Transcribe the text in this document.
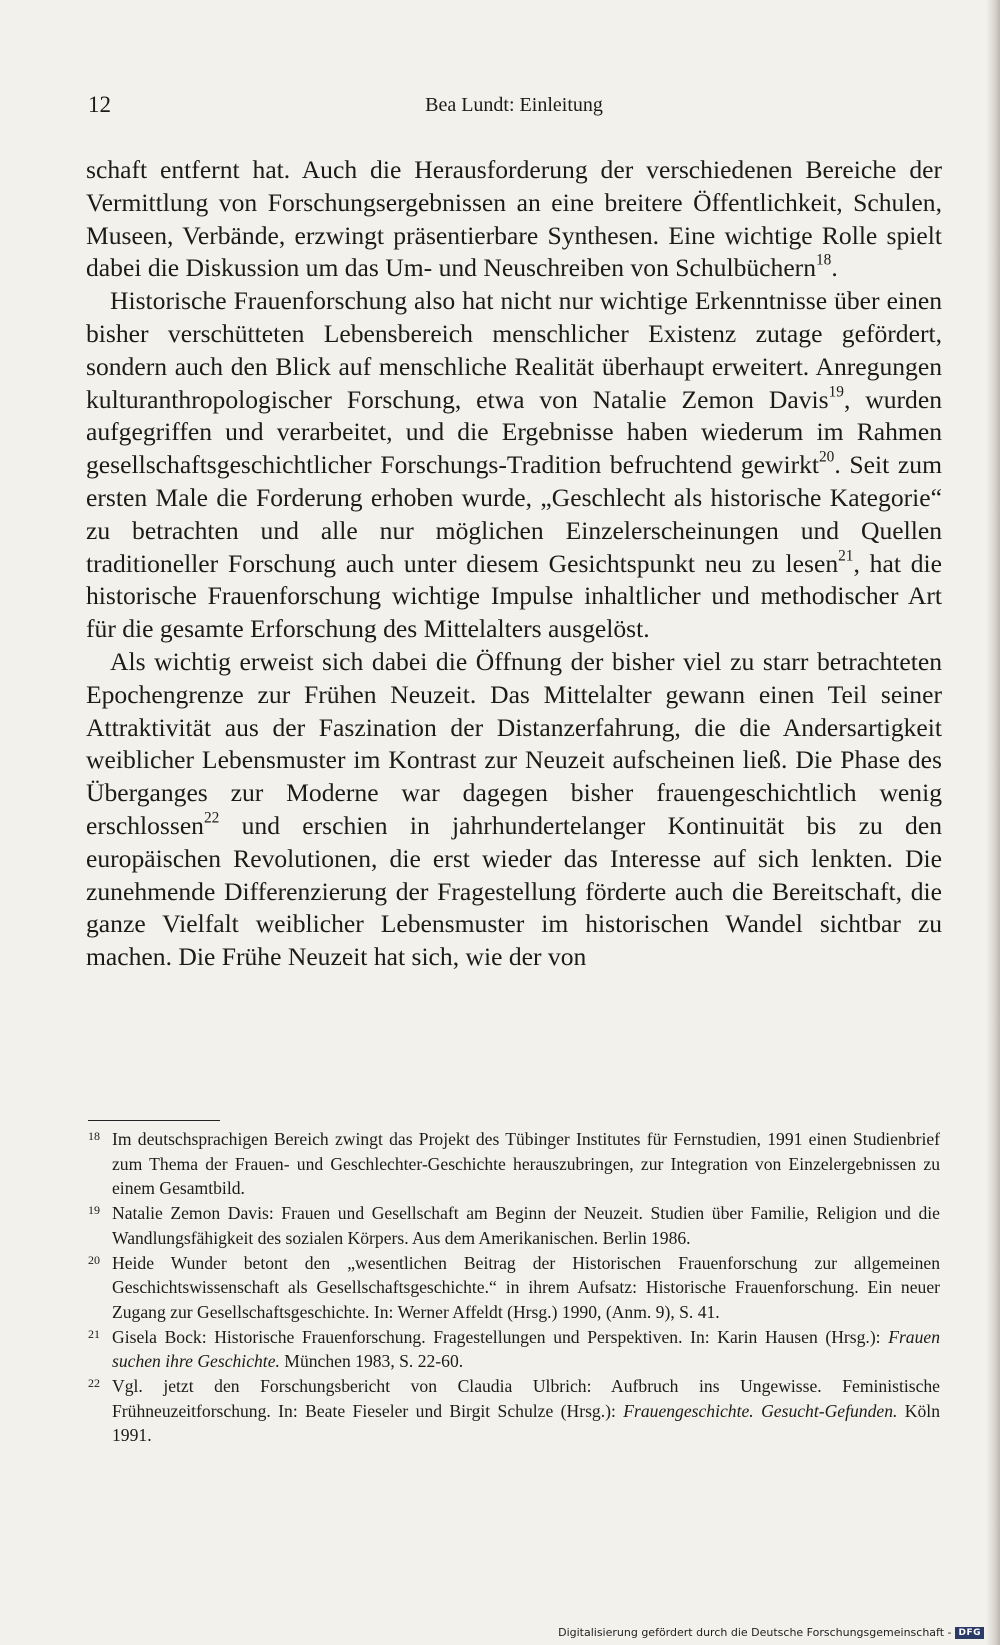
12	Bea Lundt: Einleitung

schaft entfernt hat. Auch die Herausforderung der verschiedenen Bereiche der Vermittlung von Forschungsergebnissen an eine breitere Öffentlichkeit, Schulen, Museen, Verbände, erzwingt präsentierbare Synthesen. Eine wichtige Rolle spielt dabei die Diskussion um das Um- und Neuschreiben von Schulbüchern$^{18}$.

Historische Frauenforschung also hat nicht nur wichtige Erkenntnisse über einen bisher verschütteten Lebensbereich menschlicher Existenz zutage gefördert, sondern auch den Blick auf menschliche Realität überhaupt erweitert. Anregungen kulturanthropologischer Forschung, etwa von Natalie Zemon Davis$^{19}$, wurden aufgegriffen und verarbeitet, und die Ergebnisse haben wiederum im Rahmen gesellschaftsgeschichtlicher Forschungs-Tradition befruchtend gewirkt$^{20}$. Seit zum ersten Male die Forderung erhoben wurde, „Geschlecht als historische Kategorie“ zu betrachten und alle nur möglichen Einzelerscheinungen und Quellen traditioneller Forschung auch unter diesem Gesichtspunkt neu zu lesen$^{21}$, hat die historische Frauenforschung wichtige Impulse inhaltlicher und methodischer Art für die gesamte Erforschung des Mittelalters ausgelöst.

Als wichtig erweist sich dabei die Öffnung der bisher viel zu starr betrachteten Epochengrenze zur Frühen Neuzeit. Das Mittelalter gewann einen Teil seiner Attraktivität aus der Faszination der Distanzerfahrung, die die Andersartigkeit weiblicher Lebensmuster im Kontrast zur Neuzeit aufscheinen ließ. Die Phase des Überganges zur Moderne war dagegen bisher frauengeschichtlich wenig erschlossen$^{22}$ und erschien in jahrhundertelanger Kontinuität bis zu den europäischen Revolutionen, die erst wieder das Interesse auf sich lenkten. Die zunehmende Differenzierung der Fragestellung förderte auch die Bereitschaft, die ganze Vielfalt weiblicher Lebensmuster im historischen Wandel sichtbar zu machen. Die Frühe Neuzeit hat sich, wie der von

18 Im deutschsprachigen Bereich zwingt das Projekt des Tübinger Institutes für Fernstudien, 1991 einen Studienbrief zum Thema der Frauen- und Geschlechter-Geschichte herauszubringen, zur Integration von Einzelergebnissen zu einem Gesamtbild.
19 Natalie Zemon Davis: Frauen und Gesellschaft am Beginn der Neuzeit. Studien über Familie, Religion und die Wandlungsfähigkeit des sozialen Körpers. Aus dem Amerikanischen. Berlin 1986.
20 Heide Wunder betont den „wesentlichen Beitrag der Historischen Frauenforschung zur allgemeinen Geschichtswissenschaft als Gesellschaftsgeschichte.“ in ihrem Aufsatz: Historische Frauenforschung. Ein neuer Zugang zur Gesellschaftsgeschichte. In: Werner Affeldt (Hrsg.) 1990, (Anm. 9), S. 41.
21 Gisela Bock: Historische Frauenforschung. Fragestellungen und Perspektiven. In: Karin Hausen (Hrsg.): Frauen suchen ihre Geschichte. München 1983, S. 22-60.
22 Vgl. jetzt den Forschungsbericht von Claudia Ulbrich: Aufbruch ins Ungewisse. Feministische Frühneuzeitforschung. In: Beate Fieseler und Birgit Schulze (Hrsg.): Frauengeschichte. Gesucht-Gefunden. Köln 1991.
Digitalisierung gefördert durch die Deutsche Forschungsgemeinschaft - DFG
